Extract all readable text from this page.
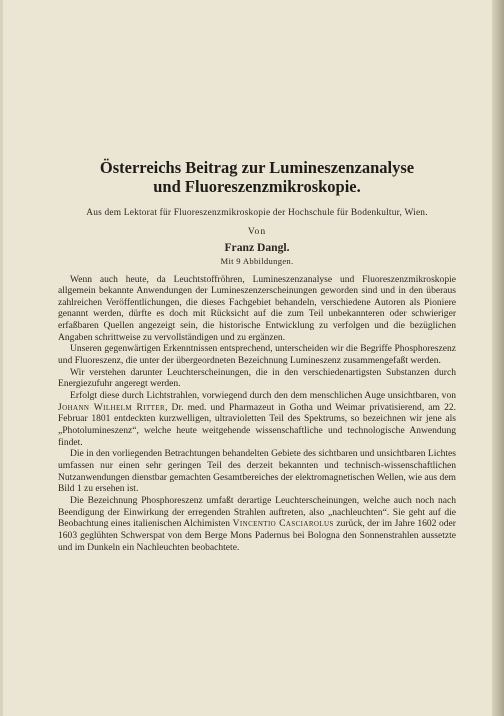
Österreichs Beitrag zur Lumineszenzanalyse
und Fluoreszenzmikroskopie.
Aus dem Lektorat für Fluoreszenzmikroskopie der Hochschule für Bodenkultur, Wien.
Von
Franz Dangl.
Mit 9 Abbildungen.

Wenn auch heute, da Leuchtstoffröhren, Lumineszenzanalyse und Fluoreszenzmikroskopie allgemein bekannte Anwendungen der Lumineszenzerscheinungen geworden sind und in den überaus zahlreichen Veröffentlichungen, die dieses Fachgebiet behandeln, verschiedene Autoren als Pioniere genannt werden, dürfte es doch mit Rücksicht auf die zum Teil unbekannteren oder schwieriger erfaßbaren Quellen angezeigt sein, die historische Entwicklung zu verfolgen und die bezüglichen Angaben schrittweise zu vervollständigen und zu ergänzen.

Unseren gegenwärtigen Erkenntnissen entsprechend, unterscheiden wir die Begriffe Phosphoreszenz und Fluoreszenz, die unter der übergeordneten Bezeichnung Lumineszenz zusammengefaßt werden.

Wir verstehen darunter Leuchterscheinungen, die in den verschiedenartigsten Substanzen durch Energiezufuhr angeregt werden.

Erfolgt diese durch Lichtstrahlen, vorwiegend durch den dem menschlichen Auge unsichtbaren, von Johann Wilhelm Ritter, Dr. med. und Pharmazeut in Gotha und Weimar privatisierend, am 22. Februar 1801 entdeckten kurzwelligen, ultravioletten Teil des Spektrums, so bezeichnen wir jene als „Photolumineszenz“, welche heute weitgehende wissenschaftliche und technologische Anwendung findet.

Die in den vorliegenden Betrachtungen behandelten Gebiete des sichtbaren und unsichtbaren Lichtes umfassen nur einen sehr geringen Teil des derzeit bekannten und technisch-wissenschaftlichen Nutzanwendungen dienstbar gemachten Gesamtbereiches der elektromagnetischen Wellen, wie aus dem Bild 1 zu ersehen ist.

Die Bezeichnung Phosphoreszenz umfaßt derartige Leuchterscheinungen, welche auch noch nach Beendigung der Einwirkung der erregenden Strahlen auftreten, also „nachleuchten“. Sie geht auf die Beobachtung eines italienischen Alchimisten Vincentio Casciarolus zurück, der im Jahre 1602 oder 1603 geglühten Schwerspat von dem Berge Mons Padernus bei Bologna den Sonnenstrahlen aussetzte und im Dunkeln ein Nachleuchten beobachtete.
